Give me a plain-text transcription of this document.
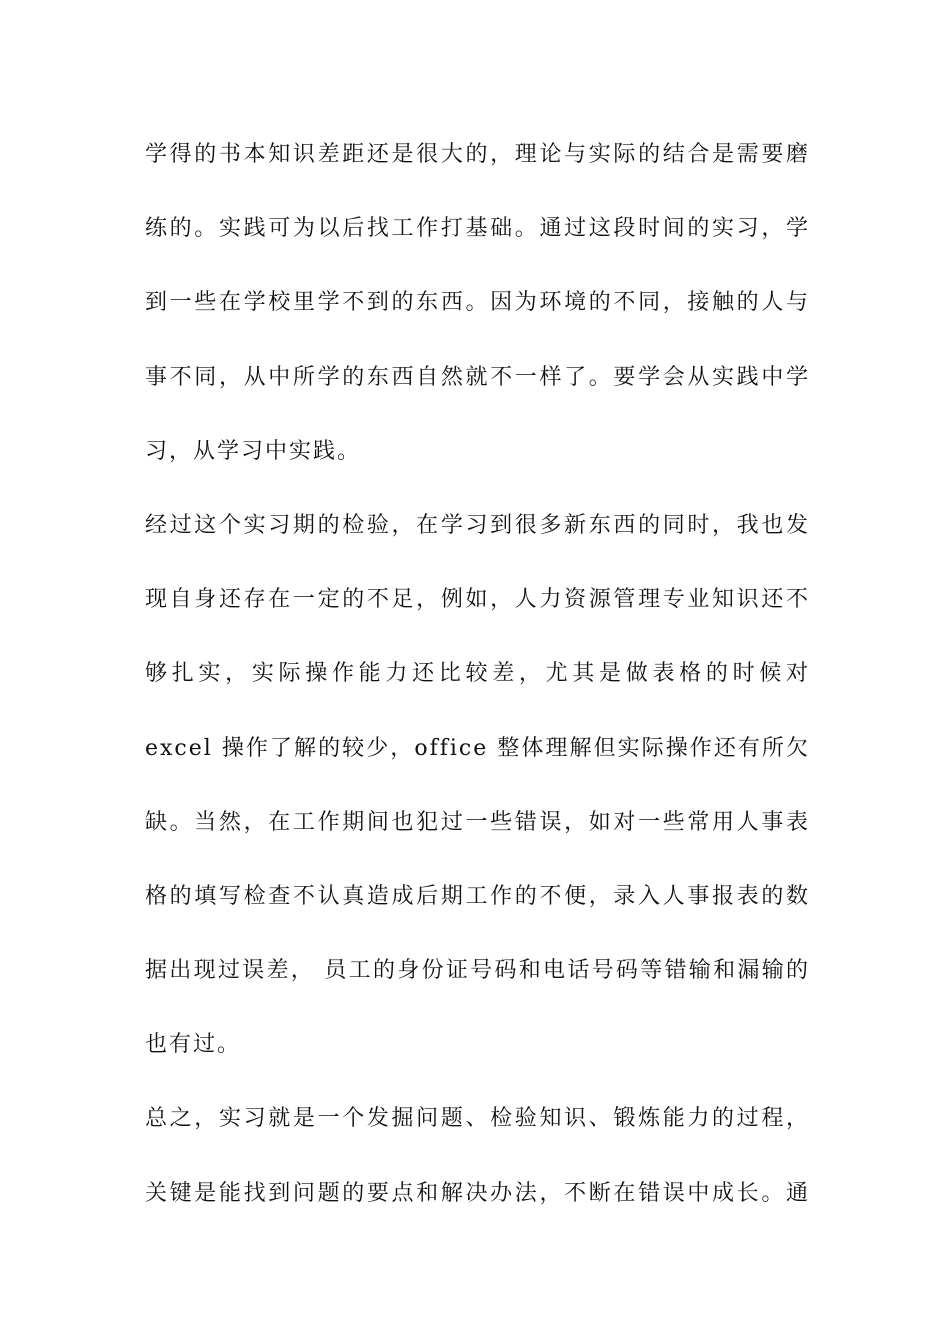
学得的书本知识差距还是很大的，理论与实际的结合是需要磨
练的。实践可为以后找工作打基础。通过这段时间的实习，学
到一些在学校里学不到的东西。因为环境的不同，接触的人与
事不同，从中所学的东西自然就不一样了。要学会从实践中学
习，从学习中实践。
经过这个实习期的检验，在学习到很多新东西的同时，我也发
现自身还存在一定的不足，例如，人力资源管理专业知识还不
够扎实，实际操作能力还比较差，尤其是做表格的时候对
excel 操作了解的较少，office 整体理解但实际操作还有所欠
缺。当然，在工作期间也犯过一些错误，如对一些常用人事表
格的填写检查不认真造成后期工作的不便，录入人事报表的数
据出现过误差， 员工的身份证号码和电话号码等错输和漏输的
也有过。
总之，实习就是一个发掘问题、检验知识、锻炼能力的过程，
关键是能找到问题的要点和解决办法，不断在错误中成长。通
